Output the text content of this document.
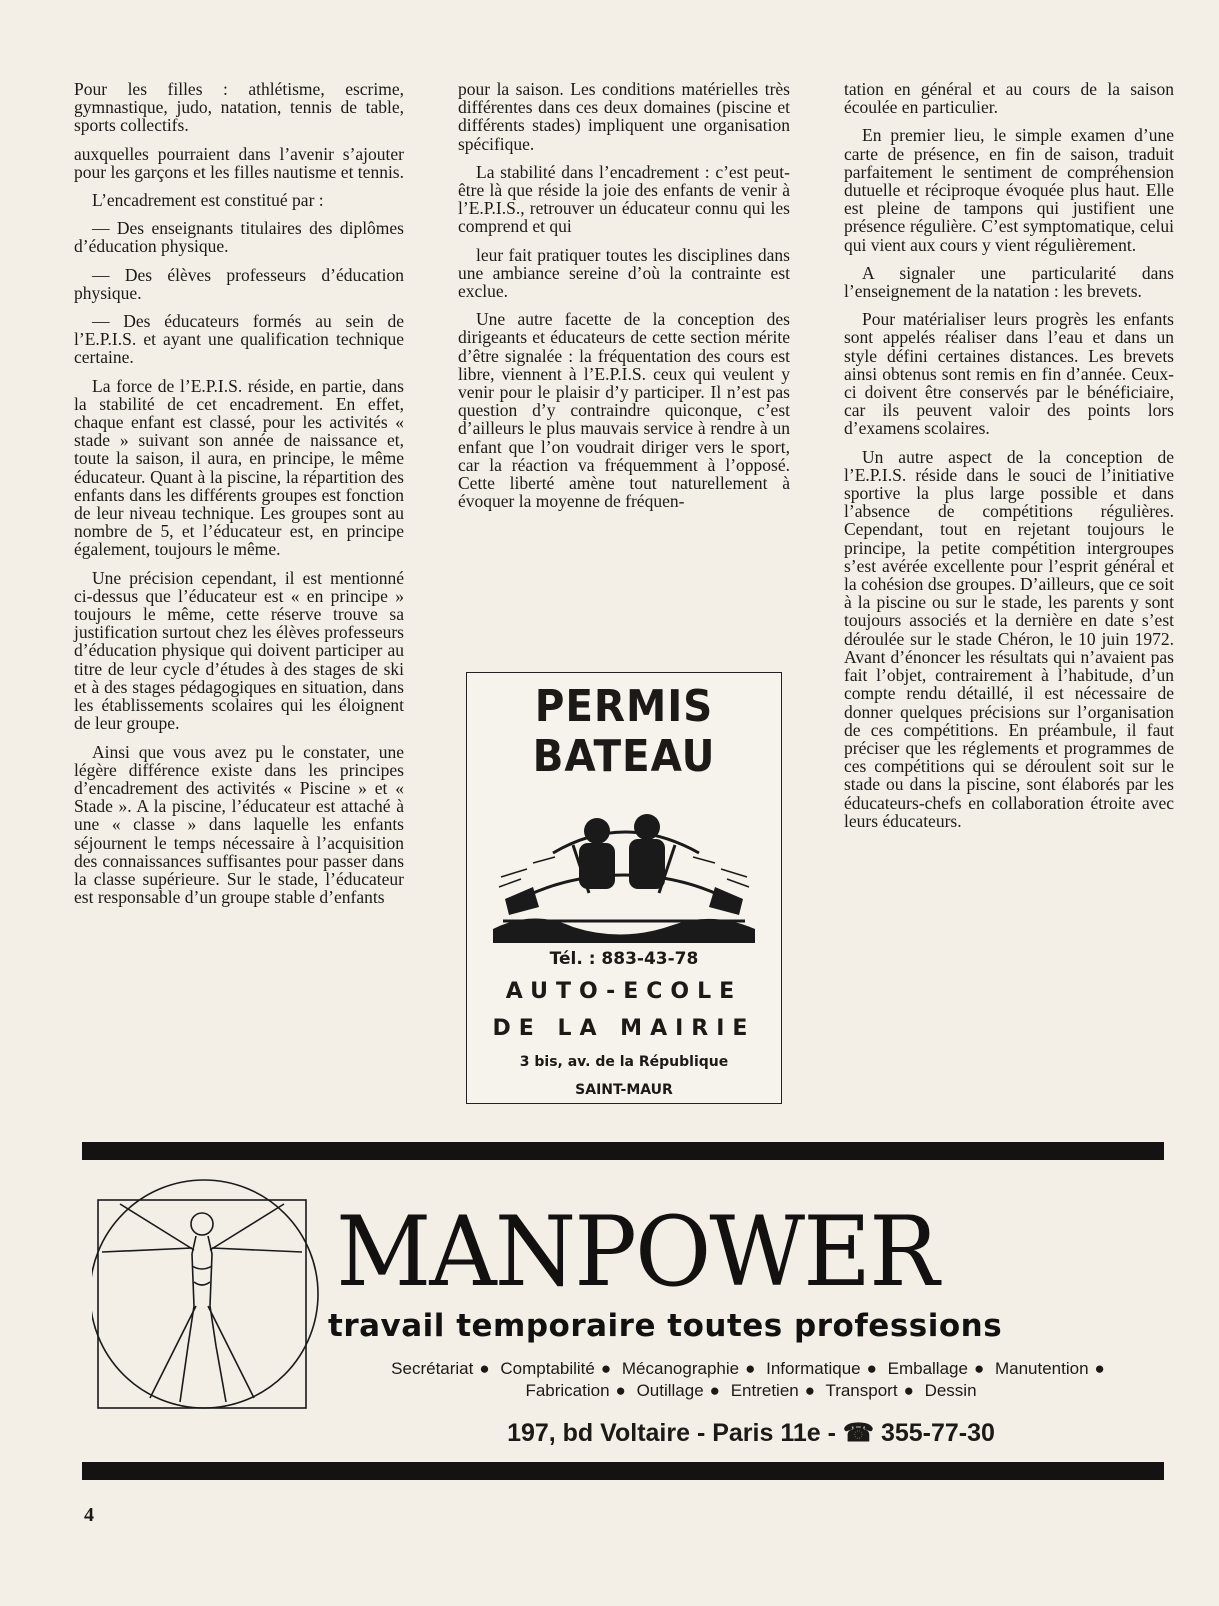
Pour les filles : athlétisme, escrime, gymnastique, judo, natation, tennis de table, sports collectifs.

auxquelles pourraient dans l’avenir s’ajouter pour les garçons et les filles nautisme et tennis.

L’encadrement est constitué par :

— Des enseignants titulaires des diplômes d’éducation physique.

— Des élèves professeurs d’éducation physique.

— Des éducateurs formés au sein de l’E.P.I.S. et ayant une qualification technique certaine.

La force de l’E.P.I.S. réside, en partie, dans la stabilité de cet encadrement. En effet, chaque enfant est classé, pour les activités « stade » suivant son année de naissance et, toute la saison, il aura, en principe, le même éducateur. Quant à la piscine, la répartition des enfants dans les différents groupes est fonction de leur niveau technique. Les groupes sont au nombre de 5, et l’éducateur est, en principe également, toujours le même.

Une précision cependant, il est mentionné ci-dessus que l’éducateur est « en principe » toujours le même, cette réserve trouve sa justification surtout chez les élèves professeurs d’éducation physique qui doivent participer au titre de leur cycle d’études à des stages de ski et à des stages pédagogiques en situation, dans les établissements scolaires qui les éloignent de leur groupe.

Ainsi que vous avez pu le constater, une légère différence existe dans les principes d’encadrement des activités « Piscine » et « Stade ». A la piscine, l’éducateur est attaché à une « classe » dans laquelle les enfants séjournent le temps nécessaire à l’acquisition des connaissances suffisantes pour passer dans la classe supérieure. Sur le stade, l’éducateur est responsable d’un groupe stable d’enfants

pour la saison. Les conditions matérielles très différentes dans ces deux domaines (piscine et différents stades) impliquent une organisation spécifique.

La stabilité dans l’encadrement : c’est peut-être là que réside la joie des enfants de venir à l’E.P.I.S., retrouver un éducateur connu qui les comprend et qui

leur fait pratiquer toutes les disciplines dans une ambiance sereine d’où la contrainte est exclue.

Une autre facette de la conception des dirigeants et éducateurs de cette section mérite d’être signalée : la fréquentation des cours est libre, viennent à l’E.P.I.S. ceux qui veulent y venir pour le plaisir d’y participer. Il n’est pas question d’y contraindre quiconque, c’est d’ailleurs le plus mauvais service à rendre à un enfant que l’on voudrait diriger vers le sport, car la réaction va fréquemment à l’opposé. Cette liberté amène tout naturellement à évoquer la moyenne de fréquen-

tation en général et au cours de la saison écoulée en particulier.

En premier lieu, le simple examen d’une carte de présence, en fin de saison, traduit parfaitement le sentiment de compréhension dutuelle et réciproque évoquée plus haut. Elle est pleine de tampons qui justifient une présence régulière. C’est symptomatique, celui qui vient aux cours y vient régulièrement.

A signaler une particularité dans l’enseignement de la natation : les brevets.

Pour matérialiser leurs progrès les enfants sont appelés réaliser dans l’eau et dans un style défini certaines distances. Les brevets ainsi obtenus sont remis en fin d’année. Ceux-ci doivent être conservés par le bénéficiaire, car ils peuvent valoir des points lors d’examens scolaires.

Un autre aspect de la conception de l’E.P.I.S. réside dans le souci de l’initiative sportive la plus large possible et dans l’absence de compétitions régulières. Cependant, tout en rejetant toujours le principe, la petite compétition intergroupes s’est avérée excellente pour l’esprit général et la cohésion dse groupes. D’ailleurs, que ce soit à la piscine ou sur le stade, les parents y sont toujours associés et la dernière en date s’est déroulée sur le stade Chéron, le 10 juin 1972. Avant d’énoncer les résultats qui n’avaient pas fait l’objet, contrairement à l’habitude, d’un compte rendu détaillé, il est nécessaire de donner quelques précisions sur l’organisation de ces compétitions. En préambule, il faut préciser que les réglements et programmes de ces compétitions qui se déroulent soit sur le stade ou dans la piscine, sont élaborés par les éducateurs-chefs en collaboration étroite avec leurs éducateurs.

PERMIS
BATEAU
Tél. : 883-43-78
AUTO-ECOLE
DE LA MAIRIE
3 bis, av. de la République
SAINT-MAUR
MANPOWER
travail temporaire toutes professions
Secrétariat ● Comptabilité ● Mécanographie ● Informatique ● Emballage ● Manutention ●
Fabrication ● Outillage ● Entretien ● Transport ● Dessin
197, bd Voltaire - Paris 11e - ☎ 355-77-30
4
